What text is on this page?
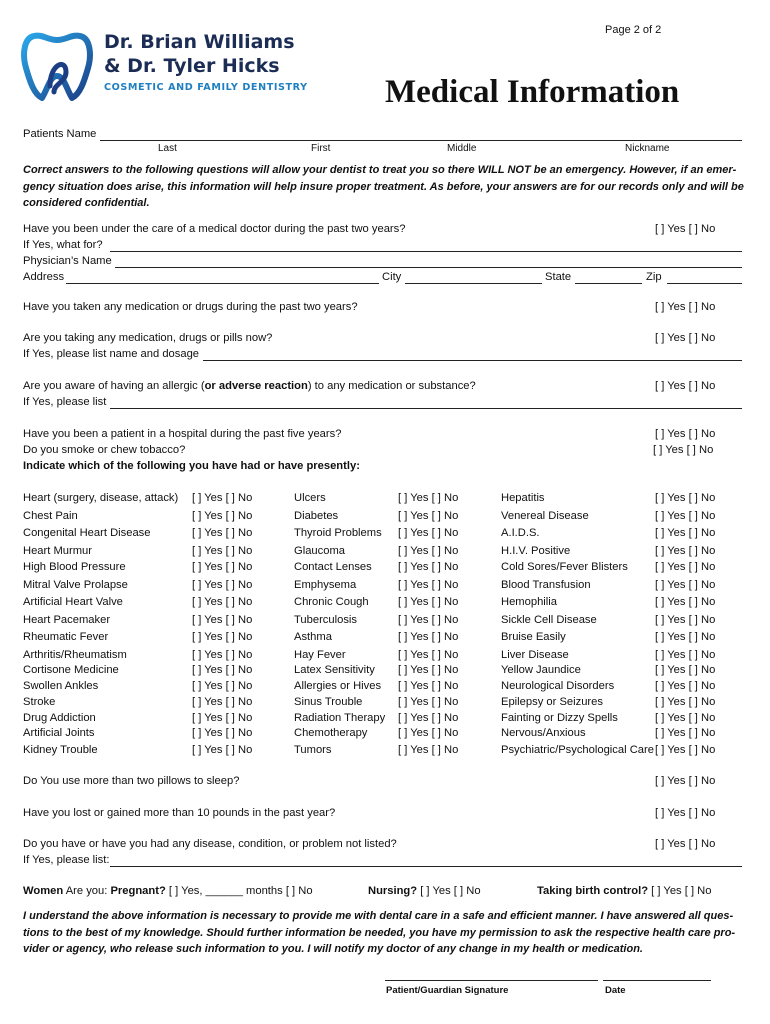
Dr. Brian Williams
& Dr. Tyler Hicks
COSMETIC AND FAMILY DENTISTRY
Page 2 of 2
Medical Information
Patients Name
Last	First	Middle	Nickname
Correct answers to the following questions will allow your dentist to treat you so there WILL NOT be an emergency. However, if an emer-gency situation does arise, this information will help insure proper treatment. As before, your answers are for our records only and will be considered confidential.
Have you been under the care of a medical doctor during the past two years?	[ ] Yes [ ] No
If Yes, what for?
Physician’s Name
Address	City	State	Zip
Have you taken any medication or drugs during the past two years?	[ ] Yes [ ] No
Are you taking any medication, drugs or pills now?	[ ] Yes [ ] No
If Yes, please list name and dosage
Are you aware of having an allergic (or adverse reaction) to any medication or substance?	[ ] Yes [ ] No
If Yes, please list
Have you been a patient in a hospital during the past five years?	[ ] Yes [ ] No
Do you smoke or chew tobacco?	[ ] Yes [ ] No
Indicate which of the following you have had or have presently:
Heart (surgery, disease, attack) [ ] Yes [ ] No
Chest Pain	[ ] Yes [ ] No
Congenital Heart Disease	[ ] Yes [ ] No
Heart Murmur	[ ] Yes [ ] No
High Blood Pressure	[ ] Yes [ ] No
Mitral Valve Prolapse	[ ] Yes [ ] No
Artificial Heart Valve	[ ] Yes [ ] No
Heart Pacemaker	[ ] Yes [ ] No
Rheumatic Fever	[ ] Yes [ ] No
Arthritis/Rheumatism	[ ] Yes [ ] No
Cortisone Medicine	[ ] Yes [ ] No
Swollen Ankles	[ ] Yes [ ] No
Stroke	[ ] Yes [ ] No
Drug Addiction	[ ] Yes [ ] No
Artificial Joints	[ ] Yes [ ] No
Kidney Trouble	[ ] Yes [ ] No
Ulcers	[ ] Yes [ ] No
Diabetes	[ ] Yes [ ] No
Thyroid Problems [ ] Yes [ ] No
Glaucoma	[ ] Yes [ ] No
Contact Lenses [ ] Yes [ ] No
Emphysema	[ ] Yes [ ] No
Chronic Cough	[ ] Yes [ ] No
Tuberculosis	[ ] Yes [ ] No
Asthma	[ ] Yes [ ] No
Hay Fever	[ ] Yes [ ] No
Latex Sensitivity [ ] Yes [ ] No
Allergies or Hives [ ] Yes [ ] No
Sinus Trouble	[ ] Yes [ ] No
Radiation Therapy [ ] Yes [ ] No
Chemotherapy	[ ] Yes [ ] No
Tumors	[ ] Yes [ ] No
Hepatitis	[ ] Yes [ ] No
Venereal Disease	[ ] Yes [ ] No
A.I.D.S.	[ ] Yes [ ] No
H.I.V. Positive	[ ] Yes [ ] No
Cold Sores/Fever Blisters [ ] Yes [ ] No
Blood Transfusion	[ ] Yes [ ] No
Hemophilia	[ ] Yes [ ] No
Sickle Cell Disease	[ ] Yes [ ] No
Bruise Easily	[ ] Yes [ ] No
Liver Disease	[ ] Yes [ ] No
Yellow Jaundice	[ ] Yes [ ] No
Neurological Disorders	[ ] Yes [ ] No
Epilepsy or Seizures	[ ] Yes [ ] No
Fainting or Dizzy Spells	[ ] Yes [ ] No
Nervous/Anxious	[ ] Yes [ ] No
Psychiatric/Psychological Care [ ] Yes [ ] No
Do You use more than two pillows to sleep?	[ ] Yes [ ] No
Have you lost or gained more than 10 pounds in the past year?	[ ] Yes [ ] No
Do you have or have you had any disease, condition, or problem not listed?	[ ] Yes [ ] No
If Yes, please list:
Women Are you: Pregnant? [ ] Yes, ______ months [ ] No	Nursing? [ ] Yes [ ] No	Taking birth control? [ ] Yes [ ] No
I understand the above information is necessary to provide me with dental care in a safe and efficient manner. I have answered all ques-tions to the best of my knowledge. Should further information be needed, you have my permission to ask the respective health care pro-vider or agency, who release such information to you. I will notify my doctor of any change in my health or medication.
Patient/Guardian Signature	Date
